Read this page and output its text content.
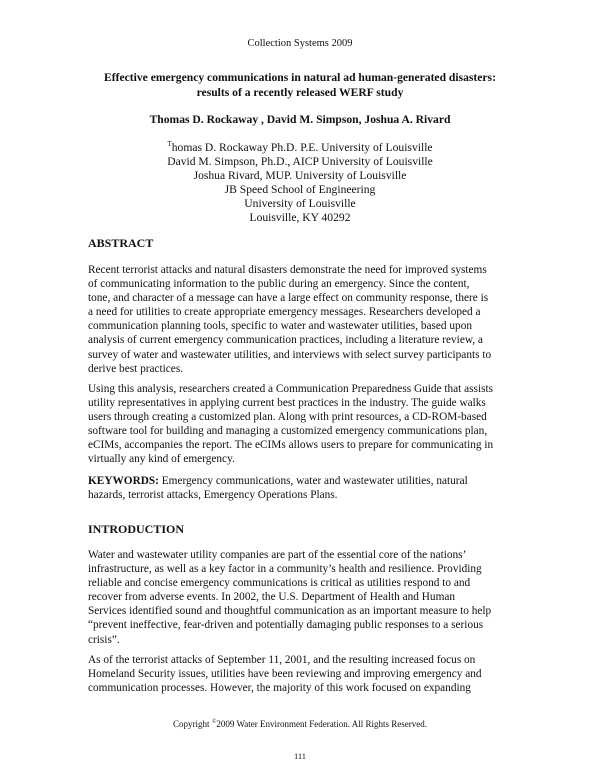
Collection Systems 2009
Effective emergency communications in natural ad human-generated disasters:
results of a recently released WERF study
Thomas D. Rockaway , David M. Simpson, Joshua A. Rivard
$^T$homas D. Rockaway Ph.D. P.E. University of Louisville
David M. Simpson, Ph.D., AICP University of Louisville
Joshua Rivard, MUP. University of Louisville
JB Speed School of Engineering
University of Louisville
Louisville, KY 40292
ABSTRACT
Recent terrorist attacks and natural disasters demonstrate the need for improved systems
of communicating information to the public during an emergency. Since the content,
tone, and character of a message can have a large effect on community response, there is
a need for utilities to create appropriate emergency messages. Researchers developed a
communication planning tools, specific to water and wastewater utilities, based upon
analysis of current emergency communication practices, including a literature review, a
survey of water and wastewater utilities, and interviews with select survey participants to
derive best practices.
Using this analysis, researchers created a Communication Preparedness Guide that assists
utility representatives in applying current best practices in the industry. The guide walks
users through creating a customized plan. Along with print resources, a CD-ROM-based
software tool for building and managing a customized emergency communications plan,
eCIMs, accompanies the report. The eCIMs allows users to prepare for communicating in
virtually any kind of emergency.
KEYWORDS: Emergency communications, water and wastewater utilities, natural
hazards, terrorist attacks, Emergency Operations Plans.
INTRODUCTION
Water and wastewater utility companies are part of the essential core of the nations’
infrastructure, as well as a key factor in a community’s health and resilience. Providing
reliable and concise emergency communications is critical as utilities respond to and
recover from adverse events. In 2002, the U.S. Department of Health and Human
Services identified sound and thoughtful communication as an important measure to help
“prevent ineffective, fear-driven and potentially damaging public responses to a serious
crisis”.
As of the terrorist attacks of September 11, 2001, and the resulting increased focus on
Homeland Security issues, utilities have been reviewing and improving emergency and
communication processes. However, the majority of this work focused on expanding
Copyright ©2009 Water Environment Federation. All Rights Reserved.
111
